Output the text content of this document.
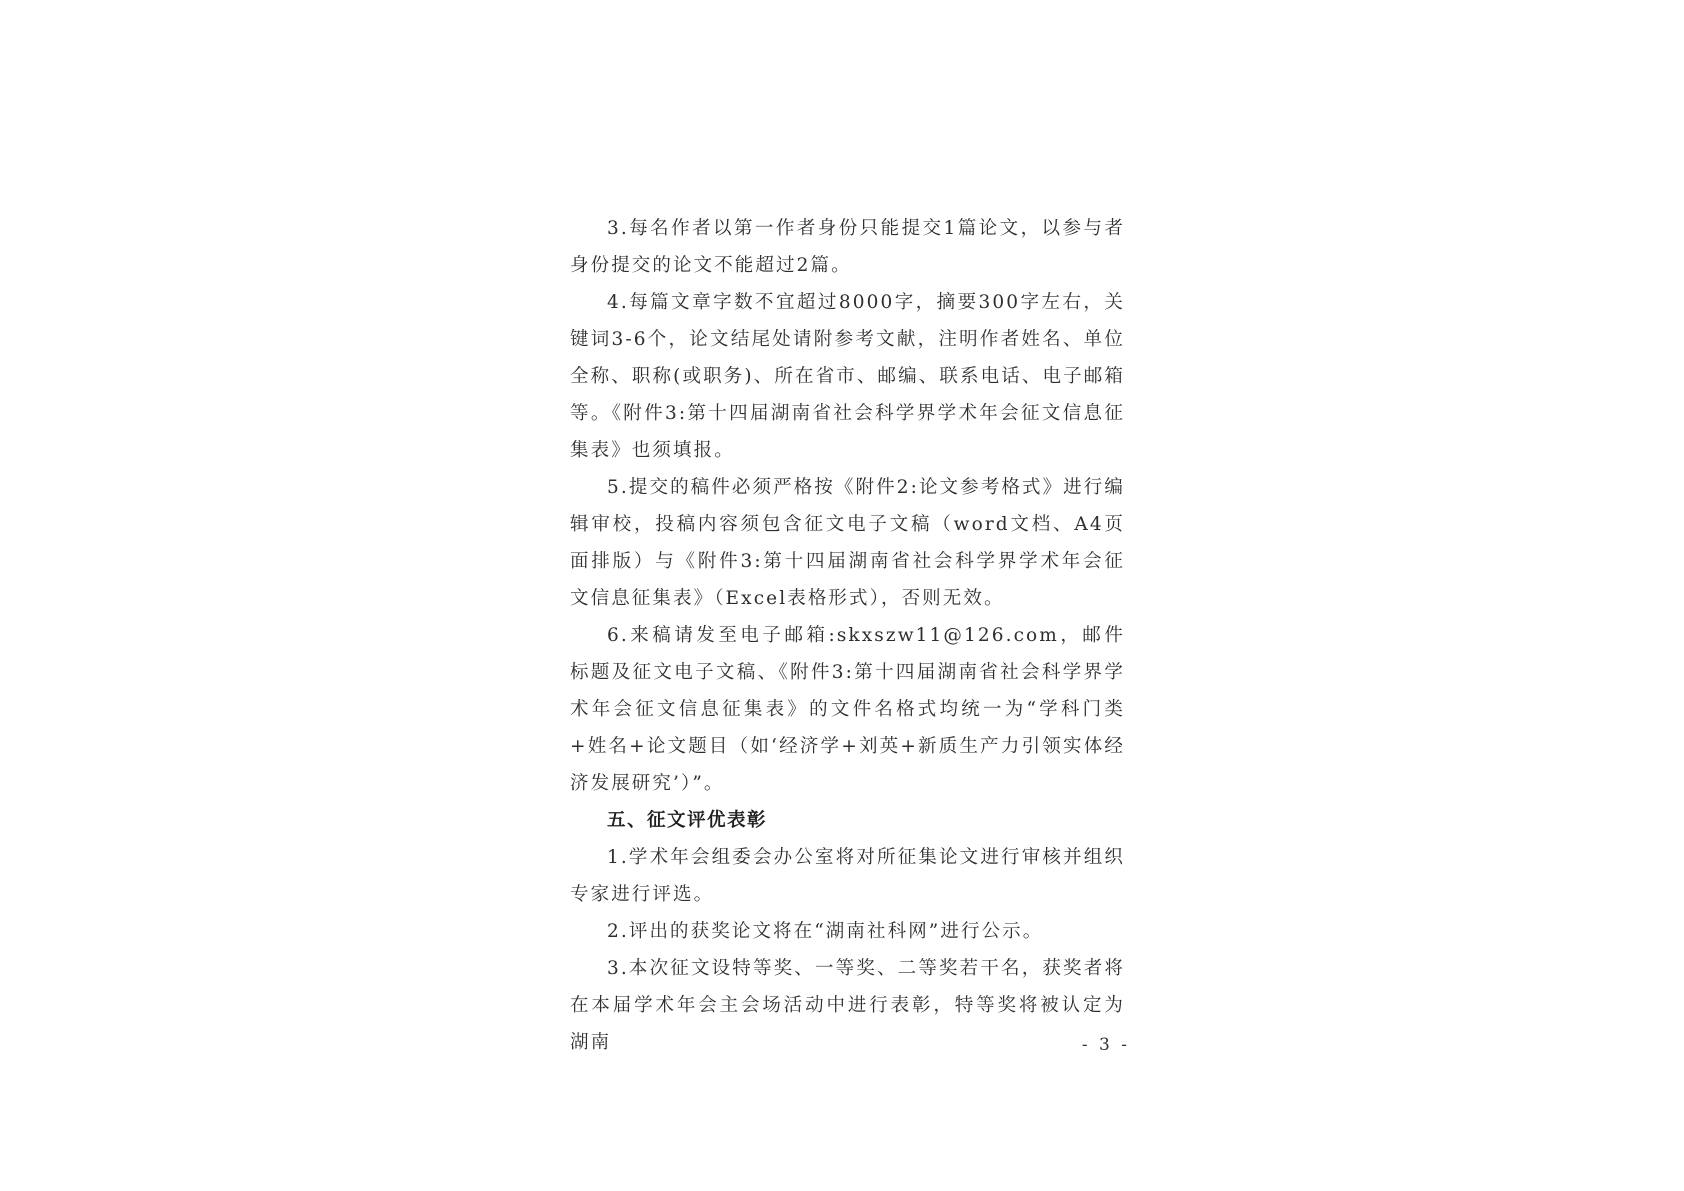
3.每名作者以第一作者身份只能提交1篇论文，以参与者身份提交的论文不能超过2篇。

4.每篇文章字数不宜超过8000字，摘要300字左右，关键词3-6个，论文结尾处请附参考文献，注明作者姓名、单位全称、职称(或职务)、所在省市、邮编、联系电话、电子邮箱等。《附件3:第十四届湖南省社会科学界学术年会征文信息征集表》也须填报。

5.提交的稿件必须严格按《附件2:论文参考格式》进行编辑审校，投稿内容须包含征文电子文稿（word文档、A4页面排版）与《附件3:第十四届湖南省社会科学界学术年会征文信息征集表》（Excel表格形式），否则无效。

6.来稿请发至电子邮箱:skxszw11@126.com，邮件标题及征文电子文稿、《附件3:第十四届湖南省社会科学界学术年会征文信息征集表》的文件名格式均统一为“学科门类+姓名+论文题目（如‘经济学+刘英+新质生产力引领实体经济发展研究’）”。

五、征文评优表彰

1.学术年会组委会办公室将对所征集论文进行审核并组织专家进行评选。

2.评出的获奖论文将在“湖南社科网”进行公示。

3.本次征文设特等奖、一等奖、二等奖若干名，获奖者将在本届学术年会主会场活动中进行表彰，特等奖将被认定为湖南	- 3 -
